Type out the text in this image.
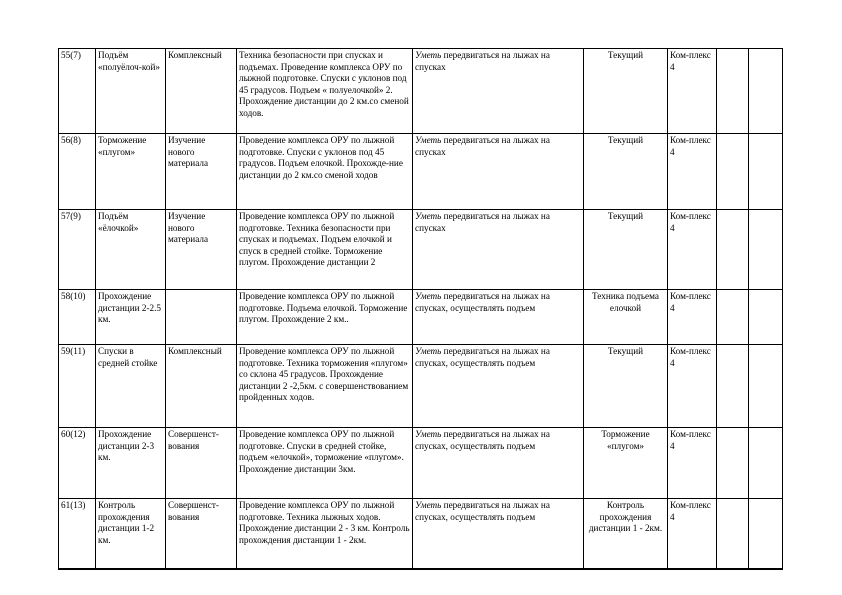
55(7)	Подъём «полуёлоч-кой»	Комплексный	Техника безопасности при спусках и подъемах. Проведение комплекса ОРУ по лыжной подготовке. Спуски с уклонов под 45 градусов. Подъем « полуелочкой» 2. Прохождение дистанции до 2 км.со сменой ходов.	Уметь передвигаться на лыжах на спусках	Текущий	Ком-плекс 4		

56(8)	Торможение «плугом»	Изучение нового материала	Проведение комплекса ОРУ по лыжной подготовке. Спуски с уклонов под 45 градусов. Подъем елочкой. Прохожде-ние дистанции до 2 км.со сменой ходов	Уметь передвигаться на лыжах на спусках	Текущий	Ком-плекс 4		

57(9)	Подъём «ёлочкой»	Изучение нового материала	Проведение комплекса ОРУ по лыжной подготовке. Техника безопасности при спусках и подъемах. Подъем елочкой и спуск в средней стойке. Торможение плугом. Прохождение дистанции 2	Уметь передвигаться на лыжах на спусках	Текущий	Ком-плекс 4		

58(10)	Прохождение дистанции 2-2.5 км.		Проведение комплекса ОРУ по лыжной подготовке. Подъема елочкой. Торможение плугом. Прохождение 2 км..	Уметь передвигаться на лыжах на спусках, осуществлять подъем	Техника подъема елочкой	Ком-плекс 4		

59(11)	Спуски в средней стойке	Комплексный	Проведение комплекса ОРУ по лыжной подготовке. Техника торможения «плугом» со склона 45 градусов. Прохождение дистанции 2 -2,5км. с совершенствованием пройденных ходов.	Уметь передвигаться на лыжах на спусках, осуществлять подъем	Текущий	Ком-плекс 4		

60(12)	Прохождение дистанции 2-3 км.	Совершенст-вования	Проведение комплекса ОРУ по лыжной подготовке. Спуски в средней стойке, подъем «елочкой», торможение «плугом». Прохождение дистанции 3км.	Уметь передвигаться на лыжах на спусках, осуществлять подъем	Торможение «плугом»	Ком-плекс 4		

61(13)	Контроль прохождения дистанции 1-2 км.	Совершенст-вования	Проведение комплекса ОРУ по лыжной подготовке. Техника лыжных ходов. Прохождение дистанции 2 - 3 км. Контроль прохождения дистанции 1 - 2км.	Уметь передвигаться на лыжах на спусках, осуществлять подъем	Контроль прохождения дистанции 1 - 2км.	Ком-плекс 4		
